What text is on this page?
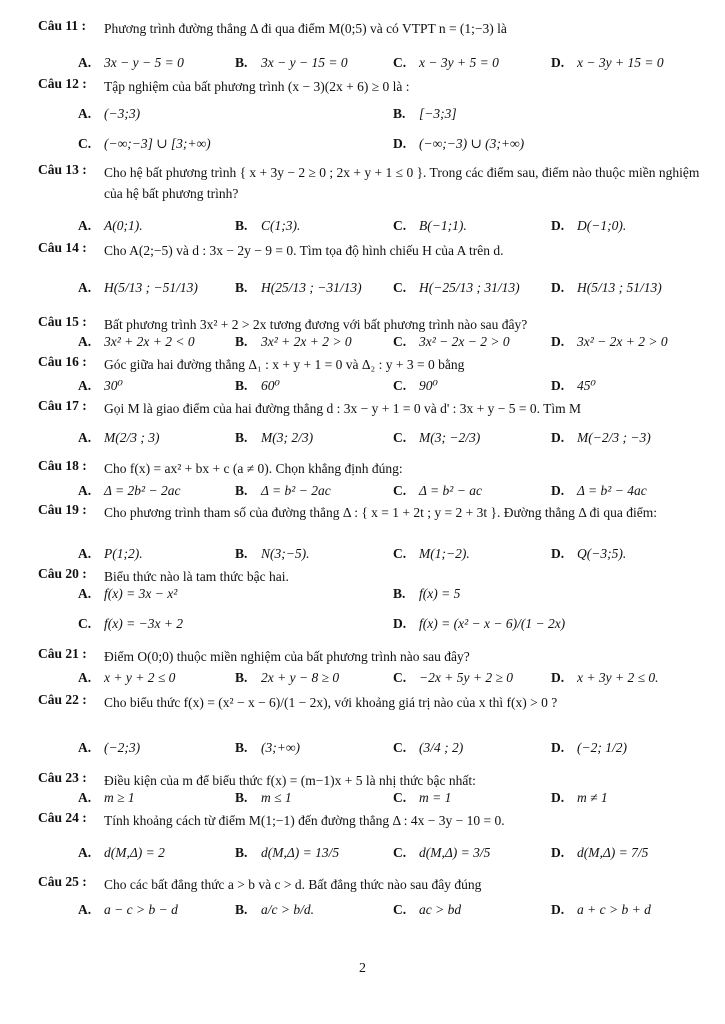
Câu 11 : Phương trình đường thẳng Δ đi qua điểm M(0;5) và có VTPT n = (1;−3) là
A. 3x − y − 5 = 0	B. 3x − y − 15 = 0	C. x − 3y + 5 = 0	D. x − 3y + 15 = 0
Câu 12 : Tập nghiệm của bất phương trình (x − 3)(2x + 6) ≥ 0 là :
A. (−3;3)	B. [−3;3]
C. (−∞;−3] ∪ [3;+∞)	D. (−∞;−3) ∪ (3;+∞)
Câu 13 : Cho hệ bất phương trình { x + 3y − 2 ≥ 0 ; 2x + y + 1 ≤ 0 }. Trong các điểm sau, điểm nào thuộc miền nghiệm của hệ bất phương trình?
A. A(0;1).	B. C(1;3).	C. B(−1;1).	D. D(−1;0).
Câu 14 : Cho A(2;−5) và d : 3x − 2y − 9 = 0. Tìm tọa độ hình chiếu H của A trên d.
A. H(5/13 ; −51/13)	B. H(25/13 ; −31/13) C. H(−25/13 ; 31/13) D. H(5/13 ; 51/13)
Câu 15 : Bất phương trình 3x² + 2 > 2x tương đương với bất phương trình nào sau đây?
A. 3x² + 2x + 2 < 0	B. 3x² + 2x + 2 > 0	C. 3x² − 2x − 2 > 0	D. 3x² − 2x + 2 > 0
Câu 16 : Góc giữa hai đường thẳng Δ₁ : x + y + 1 = 0 và Δ₂ : y + 3 = 0 bằng
A. 30⁰	B. 60⁰	C. 90⁰	D. 45⁰
Câu 17 : Gọi M là giao điểm của hai đường thẳng d : 3x − y + 1 = 0 và d' : 3x + y − 5 = 0. Tìm M
A. M(2/3 ; 3)	B. M(3; 2/3)	C. M(3; −2/3)	D. M(−2/3 ; −3)
Câu 18 : Cho f(x) = ax² + bx + c (a ≠ 0). Chọn khẳng định đúng:
A. Δ = 2b² − 2ac	B. Δ = b² − 2ac	C. Δ = b² − ac	D. Δ = b² − 4ac
Câu 19 : Cho phương trình tham số của đường thẳng Δ : { x = 1 + 2t ; y = 2 + 3t }. Đường thẳng Δ đi qua điểm:
A. P(1;2).	B. N(3;−5).	C. M(1;−2).	D. Q(−3;5).
Câu 20 : Biểu thức nào là tam thức bậc hai.
A. f(x) = 3x − x²	B. f(x) = 5
C. f(x) = −3x + 2	D. f(x) = (x² − x − 6)/(1 − 2x)
Câu 21 : Điểm O(0;0) thuộc miền nghiệm của bất phương trình nào sau đây?
A. x + y + 2 ≤ 0	B. 2x + y − 8 ≥ 0	C. −2x + 5y + 2 ≥ 0	D. x + 3y + 2 ≤ 0.
Câu 22 : Cho biểu thức f(x) = (x² − x − 6)/(1 − 2x), với khoảng giá trị nào của x thì f(x) > 0 ?
A. (−2;3)	B. (3;+∞)	C. (3/4 ; 2)	D. (−2; 1/2)
Câu 23 : Điều kiện của m để biểu thức f(x) = (m−1)x + 5 là nhị thức bậc nhất:
A. m ≥ 1	B. m ≤ 1	C. m = 1	D. m ≠ 1
Câu 24 : Tính khoảng cách từ điểm M(1;−1) đến đường thẳng Δ : 4x − 3y − 10 = 0.
A. d(M,Δ) = 2	B. d(M,Δ) = 13/5	C. d(M,Δ) = 3/5	D. d(M,Δ) = 7/5
Câu 25 : Cho các bất đẳng thức a > b và c > d. Bất đẳng thức nào sau đây đúng
A. a − c > b − d	B. a/c > b/d.	C. ac > bd	D. a + c > b + d
2
